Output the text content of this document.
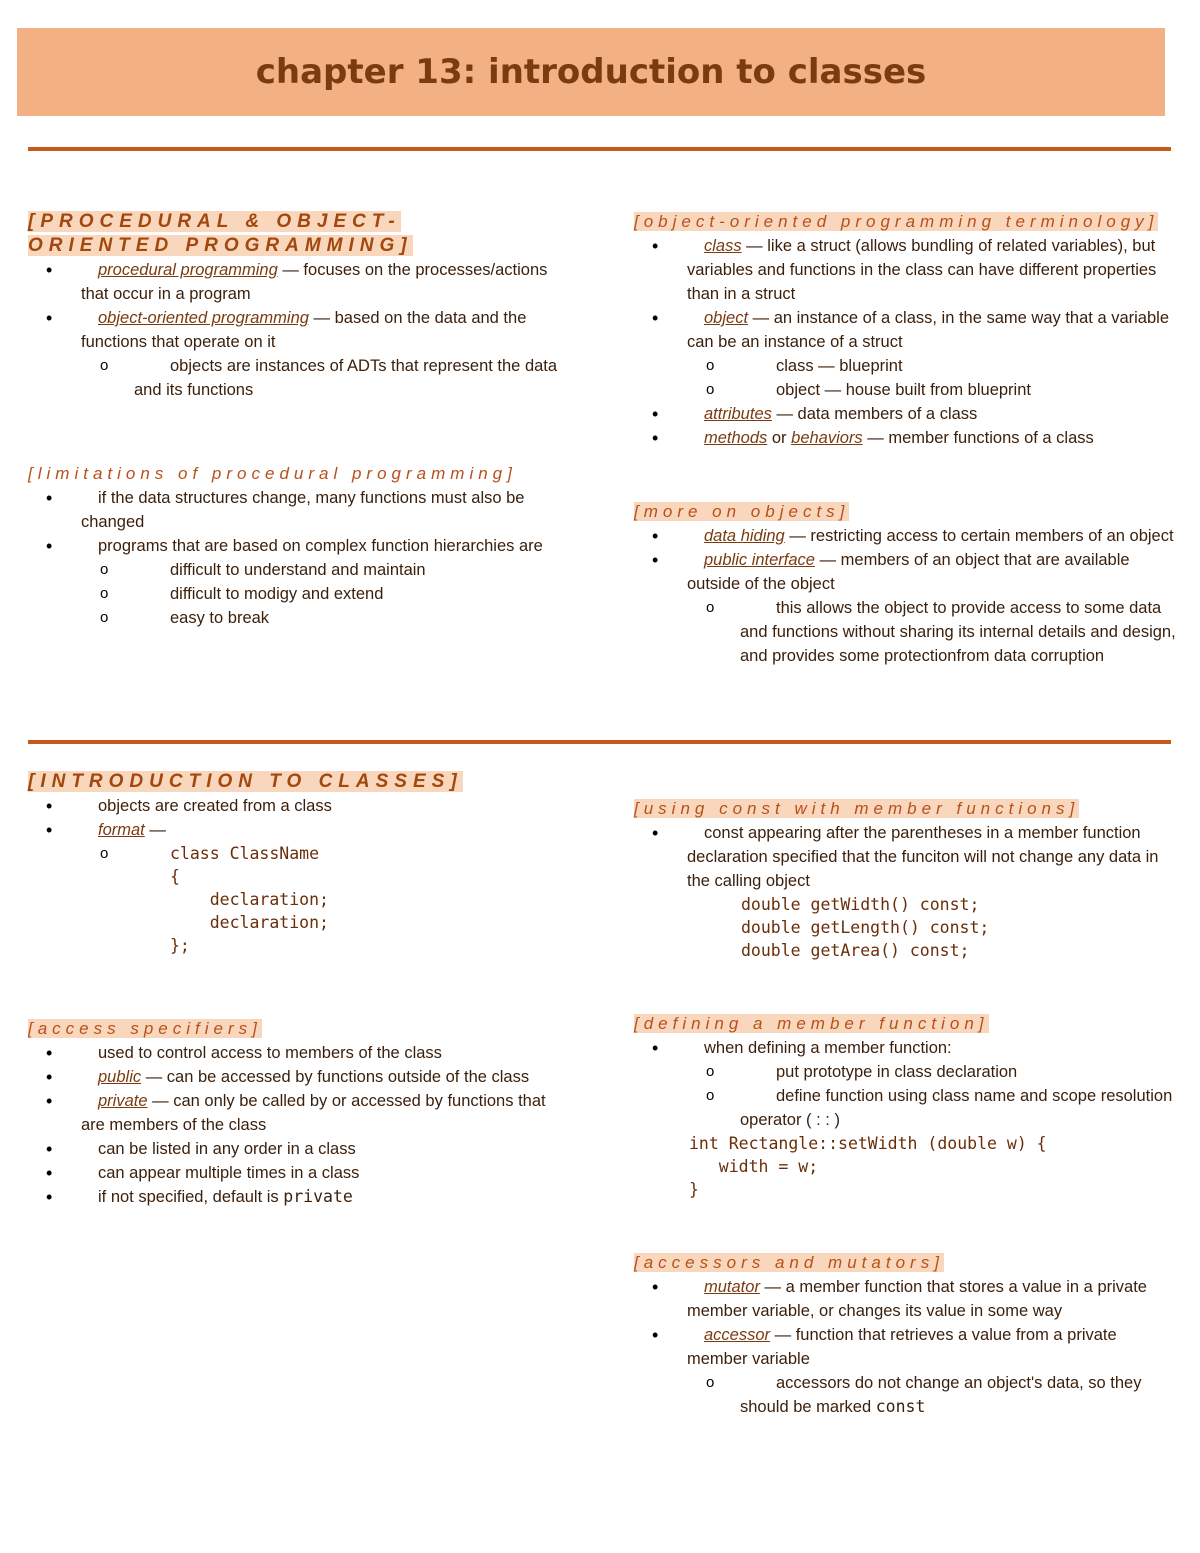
chapter 13: introduction to classes
[PROCEDURAL & OBJECT-ORIENTED PROGRAMMING]
• procedural programming — focuses on the processes/actions that occur in a program
• object-oriented programming — based on the data and the functions that operate on it
o objects are instances of ADTs that represent the data and its functions
[limitations of procedural programming]
• if the data structures change, many functions must also be changed
• programs that are based on complex function hierarchies are
o difficult to understand and maintain
o difficult to modigy and extend
o easy to break
[object-oriented programming terminology]
• class — like a struct (allows bundling of related variables), but variables and functions in the class can have different properties than in a struct
• object — an instance of a class, in the same way that a variable can be an instance of a struct
o class — blueprint
o object — house built from blueprint
• attributes — data members of a class
• methods or behaviors — member functions of a class
[more on objects]
• data hiding — restricting access to certain members of an object
• public interface — members of an object that are available outside of the object
o this allows the object to provide access to some data and functions without sharing its internal details and design, and provides some protectionfrom data corruption
[INTRODUCTION TO CLASSES]
• objects are created from a class
• format —
o class ClassName
{
declaration;
declaration;
};
[access specifiers]
• used to control access to members of the class
• public — can be accessed by functions outside of the class
• private — can only be called by or accessed by functions that are members of the class
• can be listed in any order in a class
• can appear multiple times in a class
• if not specified, default is private
[using const with member functions]
• const appearing after the parentheses in a member function declaration specified that the funciton will not change any data in the calling object
double getWidth() const;
double getLength() const;
double getArea() const;
[defining a member function]
• when defining a member function:
o put prototype in class declaration
o define function using class name and scope resolution operator ( : : )
int Rectangle::setWidth (double w) {
width = w;
}
[accessors and mutators]
• mutator — a member function that stores a value in a private member variable, or changes its value in some way
• accessor — function that retrieves a value from a private member variable
o accessors do not change an object's data, so they should be marked const
